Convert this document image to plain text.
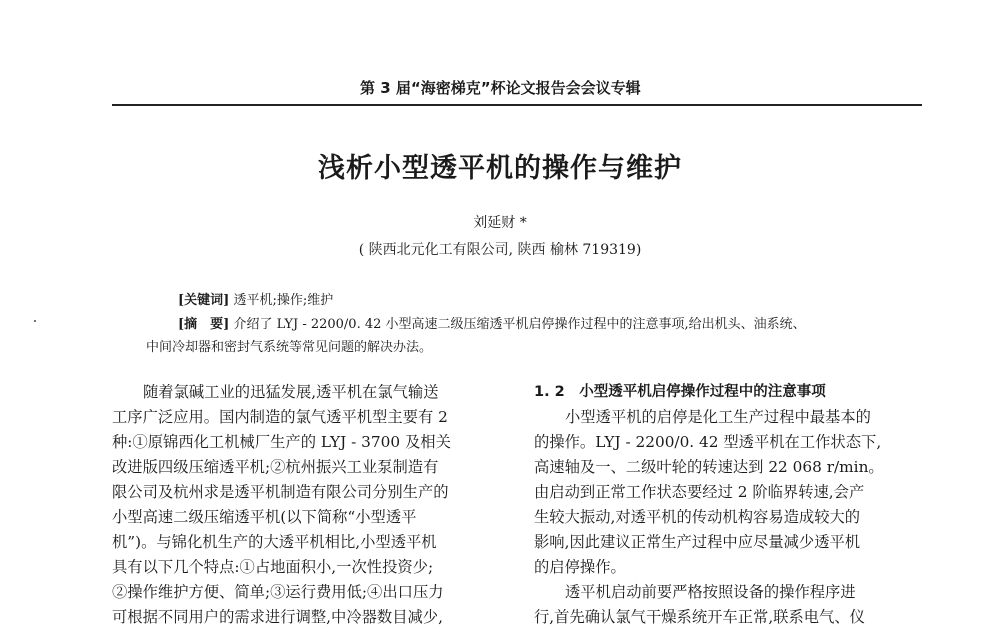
第 3 届“海密梯克”杯论文报告会会议专辑
浅析小型透平机的操作与维护
刘延财 *
( 陕西北元化工有限公司, 陕西 榆林 719319)
[关键词] 透平机;操作;维护
[摘　要] 介绍了 LYJ - 2200/0. 42 小型高速二级压缩透平机启停操作过程中的注意事项,给出机头、油系统、
中间冷却器和密封气系统等常见问题的解决办法。
随着氯碱工业的迅猛发展,透平机在氯气输送
工序广泛应用。国内制造的氯气透平机型主要有 2
种:①原锦西化工机械厂生产的 LYJ - 3700 及相关
改进版四级压缩透平机;②杭州振兴工业泵制造有
限公司及杭州求是透平机制造有限公司分别生产的
小型高速二级压缩透平机(以下简称“小型透平
机”)。与锦化机生产的大透平机相比,小型透平机
具有以下几个特点:①占地面积小,一次性投资少;
②操作维护方便、简单;③运行费用低;④出口压力
可根据不同用户的需求进行调整,中冷器数目减少,
1. 2　小型透平机启停操作过程中的注意事项
小型透平机的启停是化工生产过程中最基本的
的操作。LYJ - 2200/0. 42 型透平机在工作状态下,
高速轴及一、二级叶轮的转速达到 22 068 r/min。
由启动到正常工作状态要经过 2 阶临界转速,会产
生较大振动,对透平机的传动机构容易造成较大的
影响,因此建议正常生产过程中应尽量减少透平机
的启停操作。
透平机启动前要严格按照设备的操作程序进
行,首先确认氯气干燥系统开车正常,联系电气、仪
